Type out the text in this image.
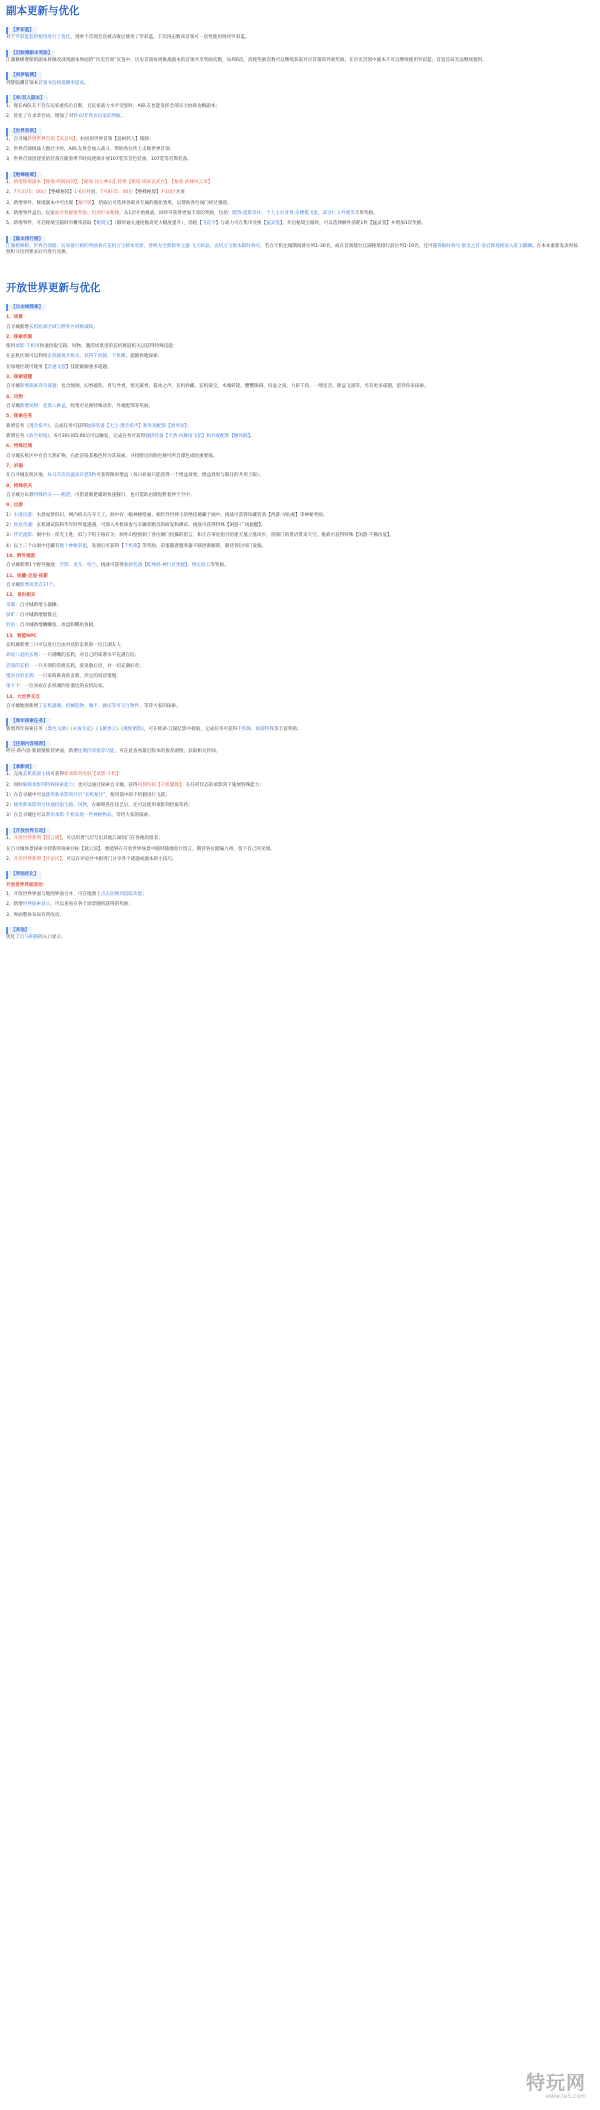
副本更新与优化
【罗彩蓝】

对于罗彩蓝套的使用进行了优化，现单个首领会次被击败后使用了罗彩蓝，下次再击败该首领可一次性使用两块罗彩蓝。

【旧版毒副本奖励】

江湖修缮要保的副本将修改部到副本界面的“历史首领”页签中，历史首领每周挑战副本的首领共享奖励次数，每周6次，消耗奖励次数可以继续获取对应首领的外观奖励。在历史首领中副本不可以继续使用罗彩蓝，首退首局无法继续使用。

【剑梦临渊】

剑梦临渊首领本首领书信掉落概率提高。

【单/双人副本】

1、现在AI队友不会在玩家重伤后自断，且玩家战力水平受惩时，AI队友也能发挥全部实力协助攻略副本；

2、优化了方求章台词，增加了对铁衣/非铁衣玩家的判断。

【世界首领】

1、自寻城新增世界首领【乐总凤】，仙居原世界首领【邕树药人】移除；

2、世界首领挑战人数过少时，AI队友将会加入战斗，帮助各位侠士击败世界首领；

3、世界首领团建里的装备在随着季节时间逐渐开放107装等首色装备，107装等首饰装备。

【绝峰秘境】

1、新增秘境副本【秘境·鸣镝回剑】，【秘境·昆仑神山】替换【秘境·锦屏玄武台】，【秘境·武林风云录】

2、7月3日5：00后【绝峰秘境】1-6层开放，7月8日5：00后【绝峰秘境】7-10层开放

3、新增事件、秘境副本中可出现【倔巧铁】，拾取后可选择各职业专属的强化效果，以帮助各位闯门经过强敌。

4、新增事件盒后，玩家面有机解密奖励、饥渴拦命秘籍，从1层开始挑战，同时可获得更加丰厚的奖励，包括：配饰·霓影金环、个人主页背景·乐楼揽飞星，部分仁义外观等丰厚奖励。

5、新增事件，开启秘境宝箱时有概率获取【秘境宝】（限时通关速度极高更大幅度提升），消耗【飞花令】与战力可在集市兑换【猛灵签】，开启秘境宝箱时，可以选择额外消耗1枚【猛灵签】并增加1次奖励。

【副本排行榜】

江湖榜修榜、世界首领榜、玩家排行榜的奖励将在玄机万宝榜本更新，替换为全新榜单之器·飞天碎晶、玄机万宝版本限时称号。若在天机还城期间排位列1-30名，或在首领擂台江湖秘境排行前位列1-10名，还可获得限时称号·群龙之首·星启辉煌榜前入驻玉麒麟。在本本重新发表时按照积分达到要求后可进行兑换。

开放世界更新与优化
【自由城探索】
1、场景

自寻城新增玄机底部区域与野外区域被减缺。

2、探索机制

使用承影·千机可快速拾取宝箱、风物、激活场景里的玄机秘道机关以获得特殊技能：

在玄机区域可以利用玄机秘境开机关、获得千机鹤、千机蝶、震鹤快地探索；

在绿地区域可使用【急速飞苍】技能破解重多谜题。

3、探索谜题

自寻城新增探索奔诗谜题：包含琉璃、幻香破阵、青鸟导香、寒光凝香、裂冰之声、玄机妙藏、玄机探宝、木城转轮、蟹蟹障碍、投壶之戏、力斩千钧、一缕连音、锦盒飞凑等，另有更多谜题，留待你来探索。

4、风物

自寻城新增风物：花饰八种盒，收集可兑换特殊动作、外观配饰等奖励。

5、探索任务

新增任务《透音希声》，完成任务可获得独挤装备【无尘·透音希声】和外观配饰【原琴谷】：

新增任务《故至初尾》，6月30日05:00后可以触发，完成任务可获得独挤装备【天香·风舞雨飞花】和外观配饰【棚风戳】。

6、特殊区域

自寻城玄机区中有会天然矿物，在此渲染其极色将为其探索。寻找附近的除色便可所自谍色成吹重要探。

7、祈福

在自寻城玄机区地，每日首次向温泉许愿5秒可获得限时增益（每日祈福只能获得一个增益效果，增益效果与限任的共用上限）。

8、特殊机关

自寻城分布着特殊机关——鹤佬，可借着鹤佬辅助快速移行，也可借助岩墙短暂着停于空中。

9、出游

1）水漫出游：水晨如梦似幻，网内机关巧夺天工。洞中有一幅神秘壁画，相传异世择王的绝技便藏于画中。挑战可获得珍藏装备【西游·寻仙观】等神秘奖励。

2）瑶泉奇遇：玄机调试院和毕年时所诞遇遇，可深入井机探参与车辆奔跑员的研发和测试。挑战可获得特殊【闲游·广场旋艇】。

3）浮光流影：洞中有一浑光王胜，似与千机王格有关：洞外山壁摇刺了各位阁门投掷的留言，和正在零星指引的迷天墓立墓风步，将阁门的著语带来天空。挑战可获得特殊【闲游·不佛仿宴】。

4）以上三个山洞中还藏有数个神秘彩蛋，发现后可获得【千机珠】等奖励，彩蛋随着服务器不联逐渐解锁，静待各位闯门发掘。

10、野外强敌

自寻城新增1个野外强敌：至影、虎车、特兰。挑战可获得独挤装备【乾坤鸽·神行百变腿】、情定纹玉等奖励。

11、收藏·足迹·拓影

自寻城新增风景点17个。

12、身份相关

采薇：自寻城新增玉器摊；

厨旷：自寻城新增烟酱豆；

钓鱼：自寻城新增鳞鲫鱼、冰盘和鲽鱼鱼板。

13、智能NPC

玄机城新增三只可以进行自由对话的玄机和一位江湖友人：

胡说八道的玄鸦：一只满嘴的玄鸦，对自己的咸谐水平充满自信；

活泼的玄鸦：一只开朗的话痨玄鸦，爱说歇后语，对一切充满好奇；

慢吞吞的玄鸦：一只呆萌鼻真的玄鸦，淡定的说话很慢；

策卡卡：一位喜欢在玄机城四处溜达的玄机玩家。

14、大世界交互

自寻城地图新增了玄机器偶、机械造物、躺卡、跳床等可交互物件，等待大家的探索。

【周年探索任务】

新增周年探索任务《墨色飞瀑》《永夜生花》《飞絮逐云》《燕壁循影》，可在师弟·江湖亿影中接取，完成任务可获得千机珠、闲游特殊等丰富奖励。

【往期内容推荐】

呼应·新内容·新剧情推荐界面，新增往期内容推荐功能，可在此查看最近版本的推荐剧情，获取相关传闻。

【承影剑】

1、完成玄机底部主线可获得新承影剑皮肤【承影·千机】：

2、同时解锁承影剑特殊探索能力；也可以通过探索自寻城，获得风翅特质【千机蠢舞】，在任何状态的承影剑下施展特殊能力：

1）在自寻城中可以使用新承影剑开启“玄机秘径”，使用箭中的千机鹤进行飞跃；

2）使用新承影剑可快速拾取宝箱、风物，在解锁各任技艺后，还可以使用承影剑拾取草药；

3）在自寻城还可以利用承影·千机发现一些神秘物品，等待大家的探索。

【开放世界互动】

1、开放世界新增【留言板】，可以用着气层写出其他江湖同门在各地的留者；

在自寻城场景探索寻找新的探索目标【观云顶】，便能够在开放世界场景中随时随地进行留言，期待各位踏遍九州，留下自己的见闻。

2、开放世界新增【评论区】，可以在评论区中跟周门分享各个谜题或副本的小技巧。

【界面优化】
开放世界界面改动：

1、开放世界界面与地图界面合并，可在地图上点击切换到追踪功能；

2、新增世界探索显示，可以查看在各个场景随机获得的奖励；

3、界面整体布局有所改动。

【其他】

优化了自马积路的入口显示。

特玩网
www.te5.com
